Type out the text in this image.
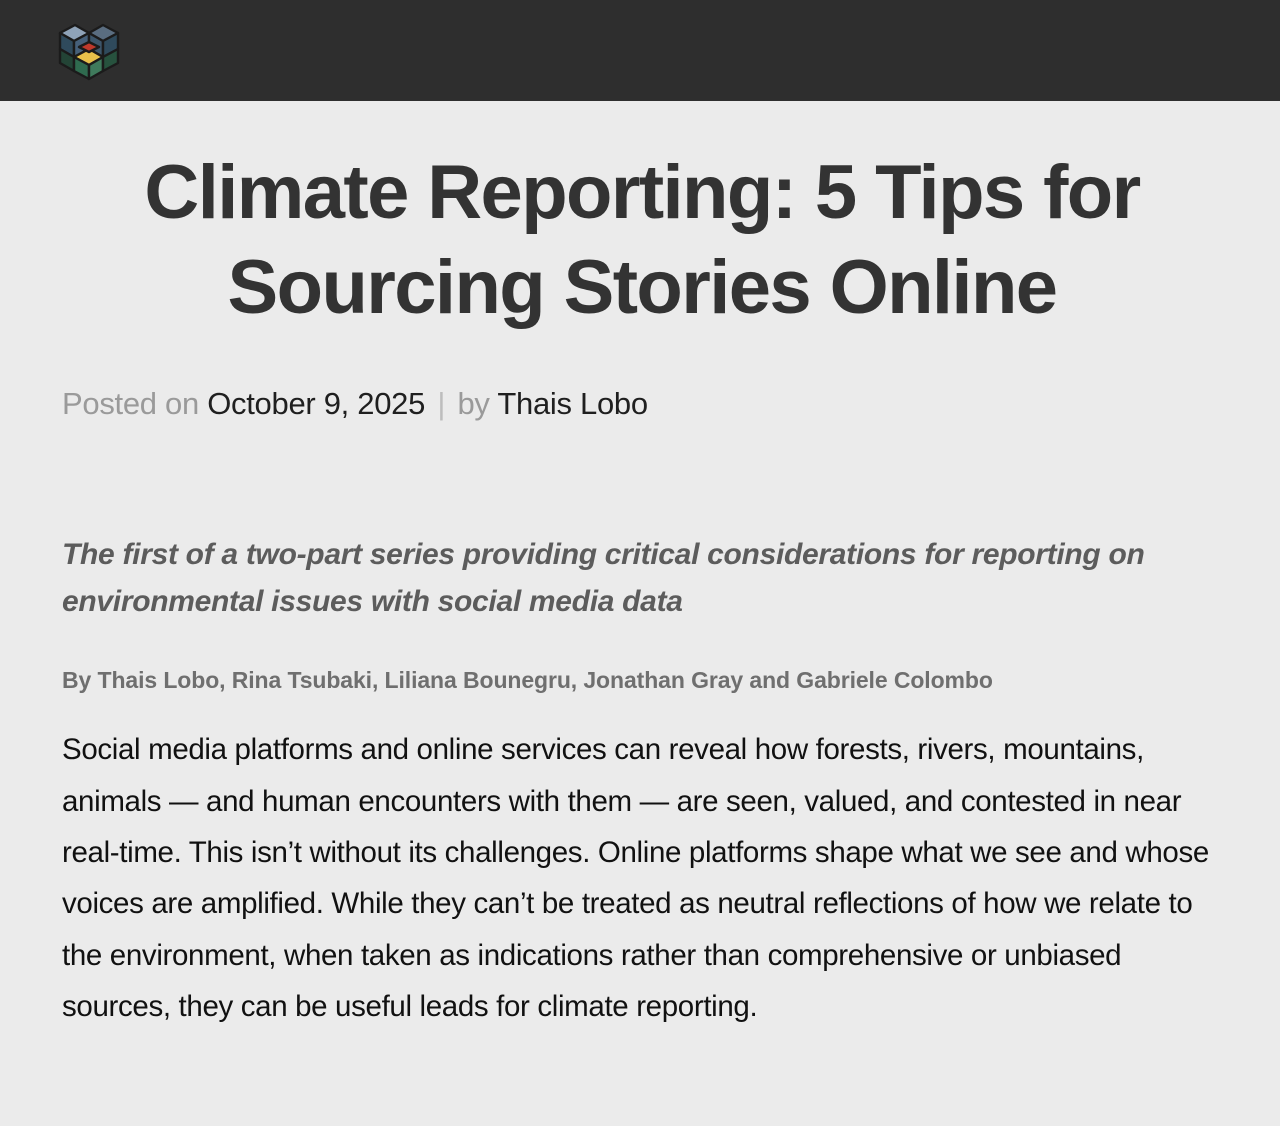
Climate Reporting: 5 Tips for Sourcing Stories Online
Posted on October 9, 2025 | by Thais Lobo

The first of a two-part series providing critical considerations for reporting on environmental issues with social media data

By Thais Lobo, Rina Tsubaki, Liliana Bounegru, Jonathan Gray and Gabriele Colombo

Social media platforms and online services can reveal how forests, rivers, mountains, animals — and human encounters with them — are seen, valued, and contested in near real-time. This isn’t without its challenges. Online platforms shape what we see and whose voices are amplified. While they can’t be treated as neutral reflections of how we relate to the environment, when taken as indications rather than comprehensive or unbiased sources, they can be useful leads for climate reporting.
